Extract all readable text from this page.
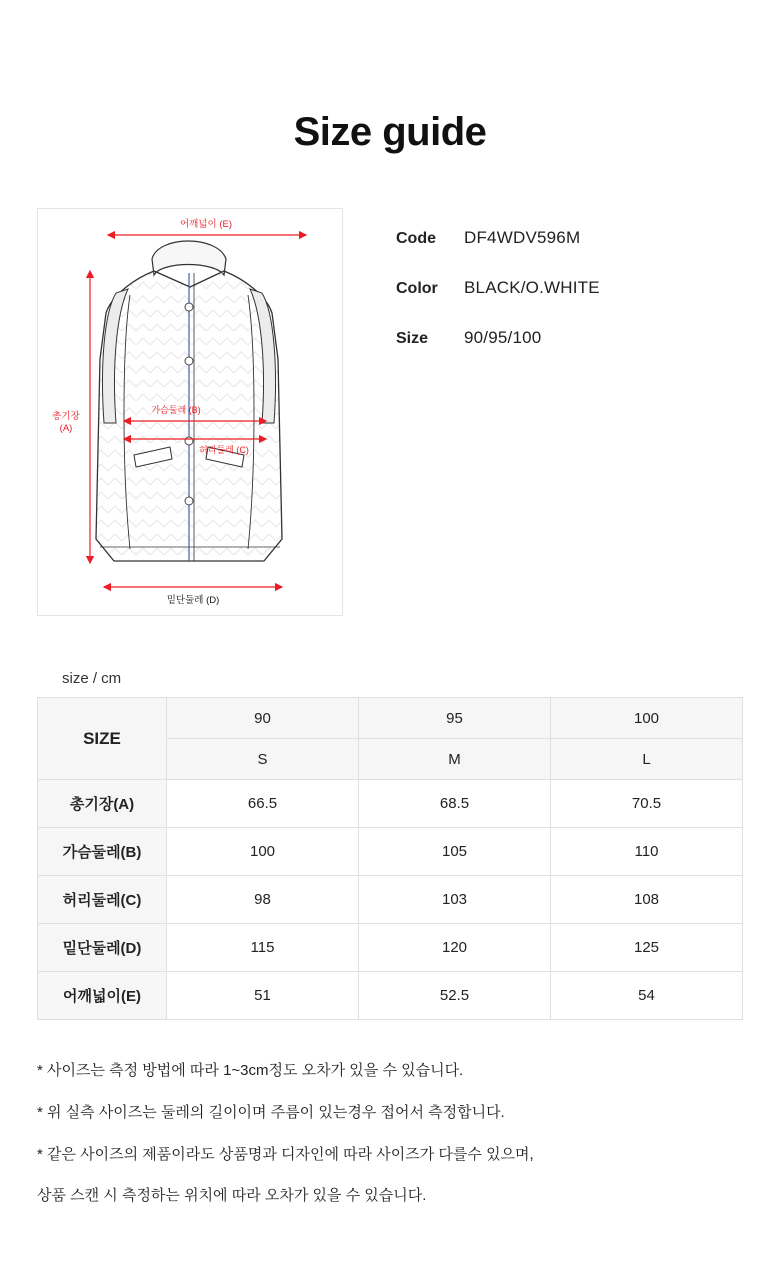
Size guide
어깨넓이 (E)
총기장
(A)
가슴둘레 (B)
허리둘레 (C)
밑단둘레 (D)
Code	DF4WDV596M
Color	BLACK/O.WHITE
Size	90/95/100
size / cm
SIZE	90	95	100
	S	M	L
총기장(A)	66.5	68.5	70.5
가슴둘레(B)	100	105	110
허리둘레(C)	98	103	108
밑단둘레(D)	115	120	125
어깨넓이(E)	51	52.5	54
* 사이즈는 측정 방법에 따라 1~3cm정도 오차가 있을 수 있습니다.
* 위 실측 사이즈는 둘레의 길이이며 주름이 있는경우 접어서 측정합니다.
* 같은 사이즈의 제품이라도 상품명과 디자인에 따라 사이즈가 다를수 있으며,
상품 스캔 시 측정하는 위치에 따라 오차가 있을 수 있습니다.
